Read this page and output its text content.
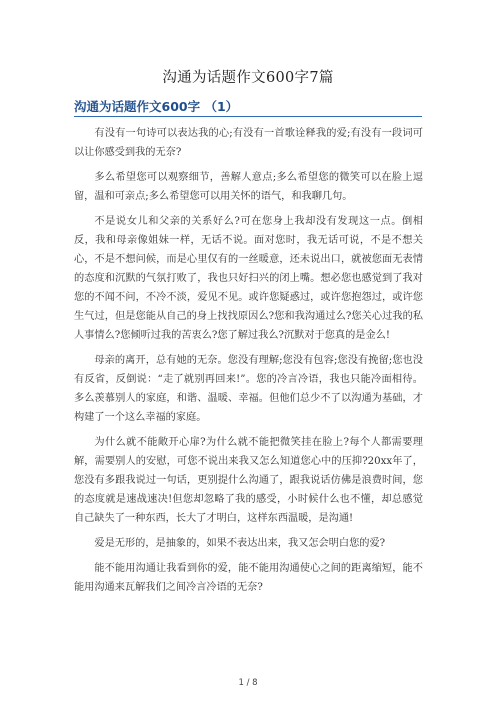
沟通为话题作文600字7篇
沟通为话题作文600字 （1）

有没有一句诗可以表达我的心;有没有一首歌诠释我的爱;有没有一段词可以让你感受到我的无奈?

多么希望您可以观察细节，善解人意点;多么希望您的微笑可以在脸上逗留，温和可亲点;多么希望您可以用关怀的语气，和我聊几句。

不是说女儿和父亲的关系好么?可在您身上我却没有发现这一点。倒相反，我和母亲像姐妹一样，无话不说。面对您时，我无话可说，不是不想关心，不是不想问候，而是心里仅有的一丝暖意，还未说出口，就被您面无表情的态度和沉默的气氛打败了，我也只好扫兴的闭上嘴。想必您也感觉到了我对您的不闻不问，不冷不淡，爱见不见。或许您疑惑过，或许您抱怨过，或许您生气过，但是您能从自己的身上找找原因么?您和我沟通过么?您关心过我的私人事情么?您倾听过我的苦衷么?您了解过我么?沉默对于您真的是金么!

母亲的离开，总有她的无奈。您没有理解;您没有包容;您没有挽留;您也没有反省，反倒说：“走了就别再回来!”。您的冷言冷语，我也只能冷面相待。多么羡慕别人的家庭，和谐、温暖、幸福。但他们总少不了以沟通为基础，才构建了一个这么幸福的家庭。

为什么就不能敞开心扉?为什么就不能把微笑挂在脸上?每个人都需要理解，需要别人的安慰，可您不说出来我又怎么知道您心中的压抑?20xx年了，您没有多跟我说过一句话，更别提什么沟通了，跟我说话仿佛是浪费时间，您的态度就是速战速决!但您却忽略了我的感受，小时候什么也不懂，却总感觉自己缺失了一种东西，长大了才明白，这样东西温暖，是沟通!

爱是无形的，是抽象的，如果不表达出来，我又怎会明白您的爱?

能不能用沟通让我看到你的爱，能不能用沟通使心之间的距离缩短，能不能用沟通来瓦解我们之间冷言冷语的无奈?

1 / 8
